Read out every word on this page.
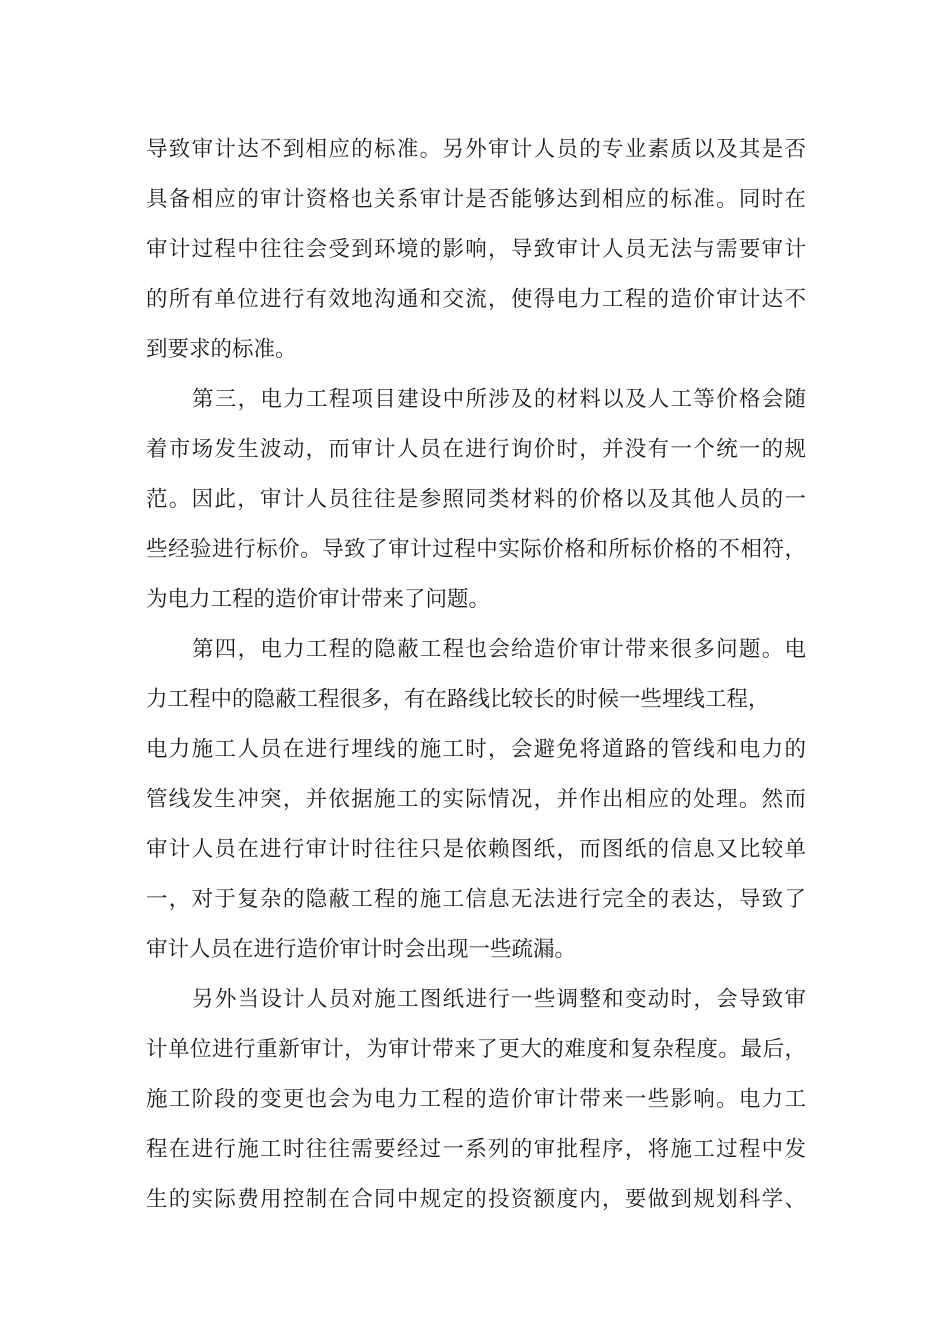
导致审计达不到相应的标准。另外审计人员的专业素质以及其是否
具备相应的审计资格也关系审计是否能够达到相应的标准。同时在
审计过程中往往会受到环境的影响，导致审计人员无法与需要审计
的所有单位进行有效地沟通和交流，使得电力工程的造价审计达不
到要求的标准。
第三，电力工程项目建设中所涉及的材料以及人工等价格会随
着市场发生波动，而审计人员在进行询价时，并没有一个统一的规
范。因此，审计人员往往是参照同类材料的价格以及其他人员的一
些经验进行标价。导致了审计过程中实际价格和所标价格的不相符，
为电力工程的造价审计带来了问题。
第四，电力工程的隐蔽工程也会给造价审计带来很多问题。电
力工程中的隐蔽工程很多，有在路线比较长的时候一些埋线工程，
电力施工人员在进行埋线的施工时，会避免将道路的管线和电力的
管线发生冲突，并依据施工的实际情况，并作出相应的处理。然而
审计人员在进行审计时往往只是依赖图纸，而图纸的信息又比较单
一，对于复杂的隐蔽工程的施工信息无法进行完全的表达，导致了
审计人员在进行造价审计时会出现一些疏漏。
另外当设计人员对施工图纸进行一些调整和变动时，会导致审
计单位进行重新审计，为审计带来了更大的难度和复杂程度。最后，
施工阶段的变更也会为电力工程的造价审计带来一些影响。电力工
程在进行施工时往往需要经过一系列的审批程序，将施工过程中发
生的实际费用控制在合同中规定的投资额度内，要做到规划科学、
